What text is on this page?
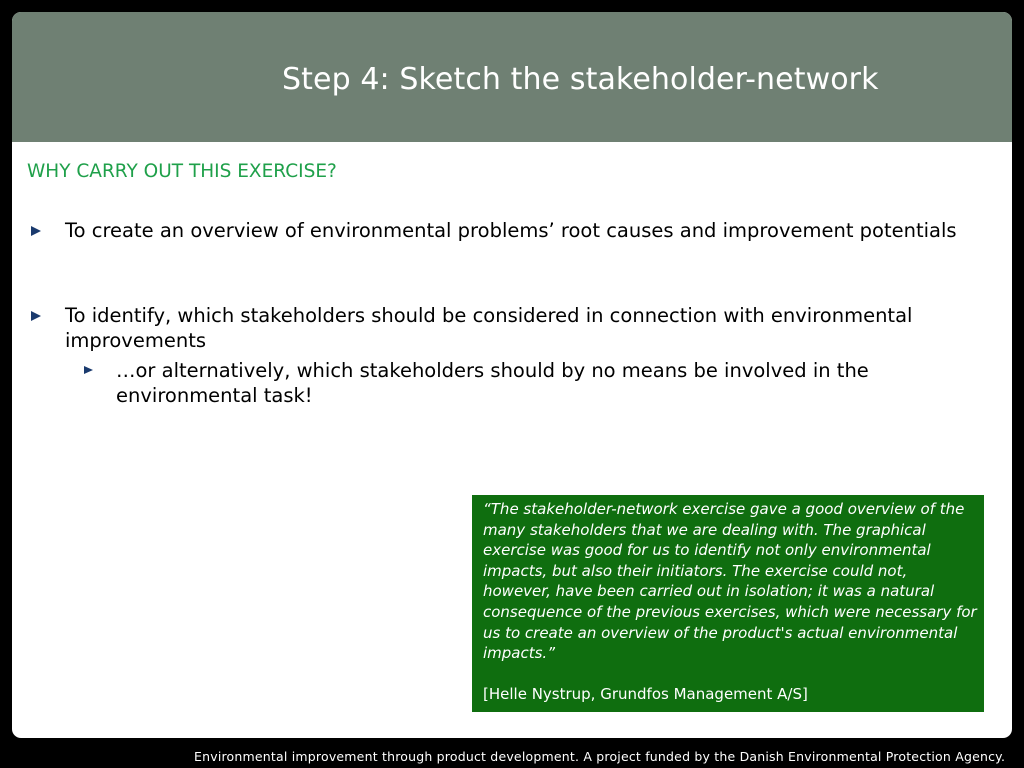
Step 4: Sketch the stakeholder-network
WHY CARRY OUT THIS EXERCISE?
To create an overview of environmental problems’ root causes and improvement potentials
To identify, which stakeholders should be considered in connection with environmental improvements
…or alternatively, which stakeholders should by no means be involved in the environmental task!
“The stakeholder-network exercise gave a good overview of the many stakeholders that we are dealing with. The graphical exercise was good for us to identify not only environmental impacts, but also their initiators. The exercise could not, however, have been carried out in isolation; it was a natural consequence of the previous exercises, which were necessary for us to create an overview of the product's actual environmental impacts.”
[Helle Nystrup, Grundfos Management A/S]
Environmental improvement through product development. A project funded by the Danish Environmental Protection Agency.
